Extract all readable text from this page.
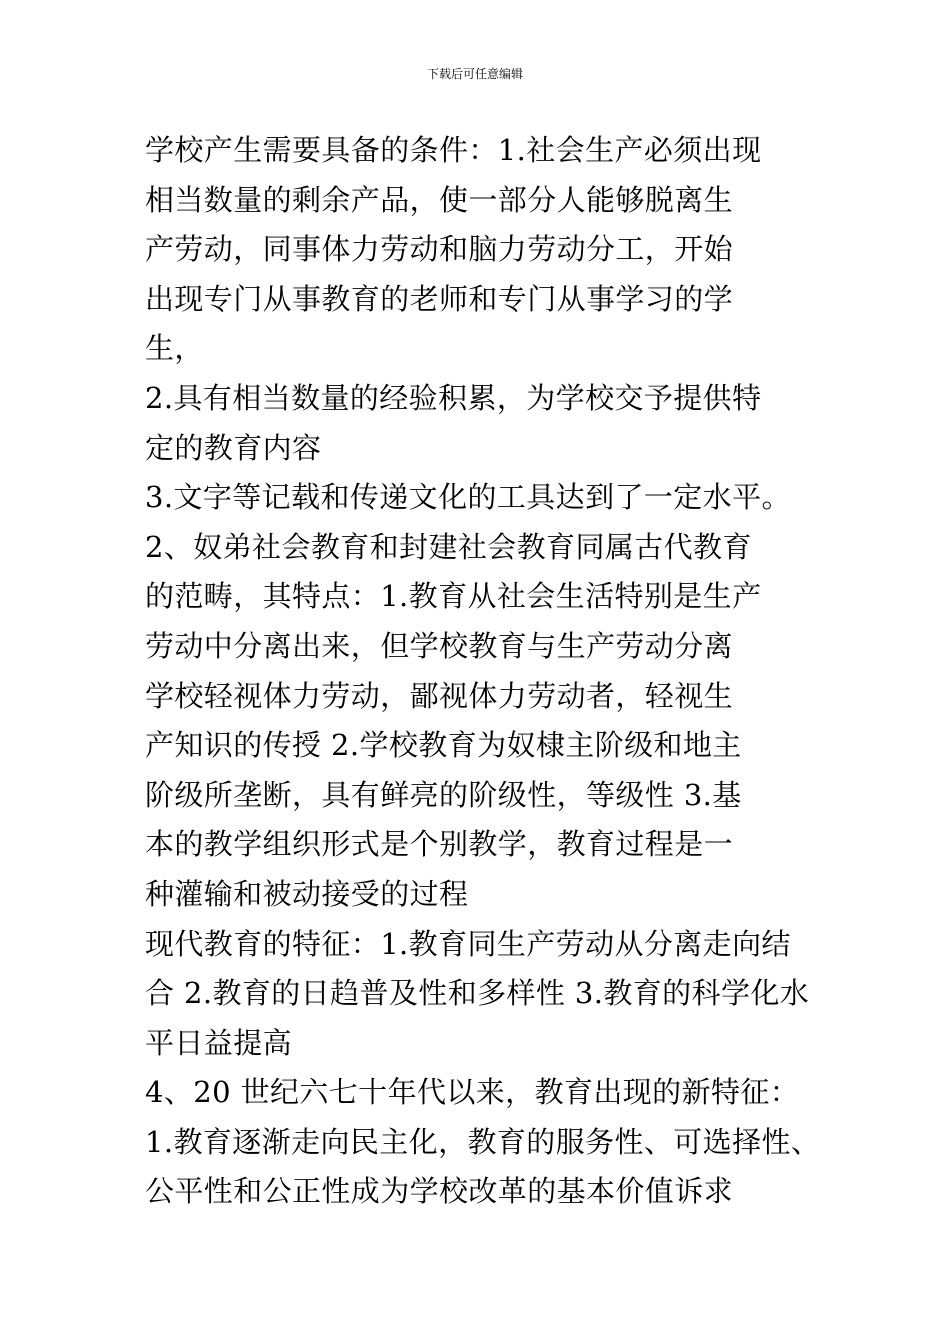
下载后可任意编辑
学校产生需要具备的条件：1.社会生产必须出现
相当数量的剩余产品，使一部分人能够脱离生
产劳动，同事体力劳动和脑力劳动分工，开始
出现专门从事教育的老师和专门从事学习的学
生，
2.具有相当数量的经验积累，为学校交予提供特
定的教育内容
3.文字等记载和传递文化的工具达到了一定水平。
2、奴弟社会教育和封建社会教育同属古代教育
的范畴，其特点：1.教育从社会生活特别是生产
劳动中分离出来，但学校教育与生产劳动分离
学校轻视体力劳动，鄙视体力劳动者，轻视生
产知识的传授 2.学校教育为奴棣主阶级和地主
阶级所垄断，具有鲜亮的阶级性，等级性 3.基
本的教学组织形式是个别教学，教育过程是一
种灌输和被动接受的过程
现代教育的特征：1.教育同生产劳动从分离走向结
合 2.教育的日趋普及性和多样性 3.教育的科学化水
平日益提高
4、20 世纪六七十年代以来，教育出现的新特征：
1.教育逐渐走向民主化，教育的服务性、可选择性、
公平性和公正性成为学校改革的基本价值诉求
